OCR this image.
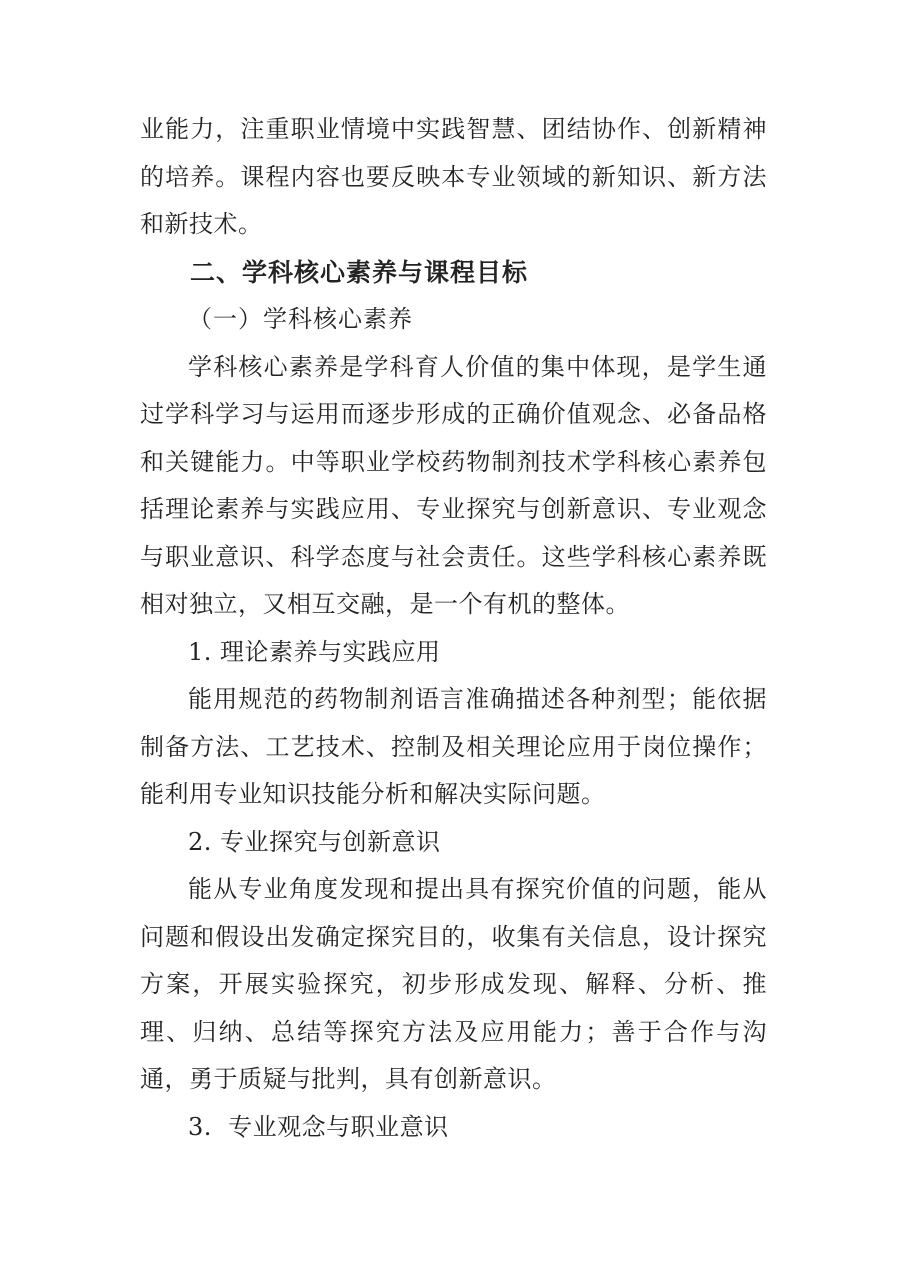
业能力，注重职业情境中实践智慧、团结协作、创新精神的培养。课程内容也要反映本专业领域的新知识、新方法和新技术。

二、学科核心素养与课程目标
（一）学科核心素养

学科核心素养是学科育人价值的集中体现，是学生通过学科学习与运用而逐步形成的正确价值观念、必备品格和关键能力。中等职业学校药物制剂技术学科核心素养包括理论素养与实践应用、专业探究与创新意识、专业观念与职业意识、科学态度与社会责任。这些学科核心素养既相对独立，又相互交融，是一个有机的整体。

1. 理论素养与实践应用

能用规范的药物制剂语言准确描述各种剂型；能依据制备方法、工艺技术、控制及相关理论应用于岗位操作；能利用专业知识技能分析和解决实际问题。

2. 专业探究与创新意识

能从专业角度发现和提出具有探究价值的问题，能从问题和假设出发确定探究目的，收集有关信息，设计探究方案，开展实验探究，初步形成发现、解释、分析、推理、归纳、总结等探究方法及应用能力；善于合作与沟通，勇于质疑与批判，具有创新意识。

3.  专业观念与职业意识
